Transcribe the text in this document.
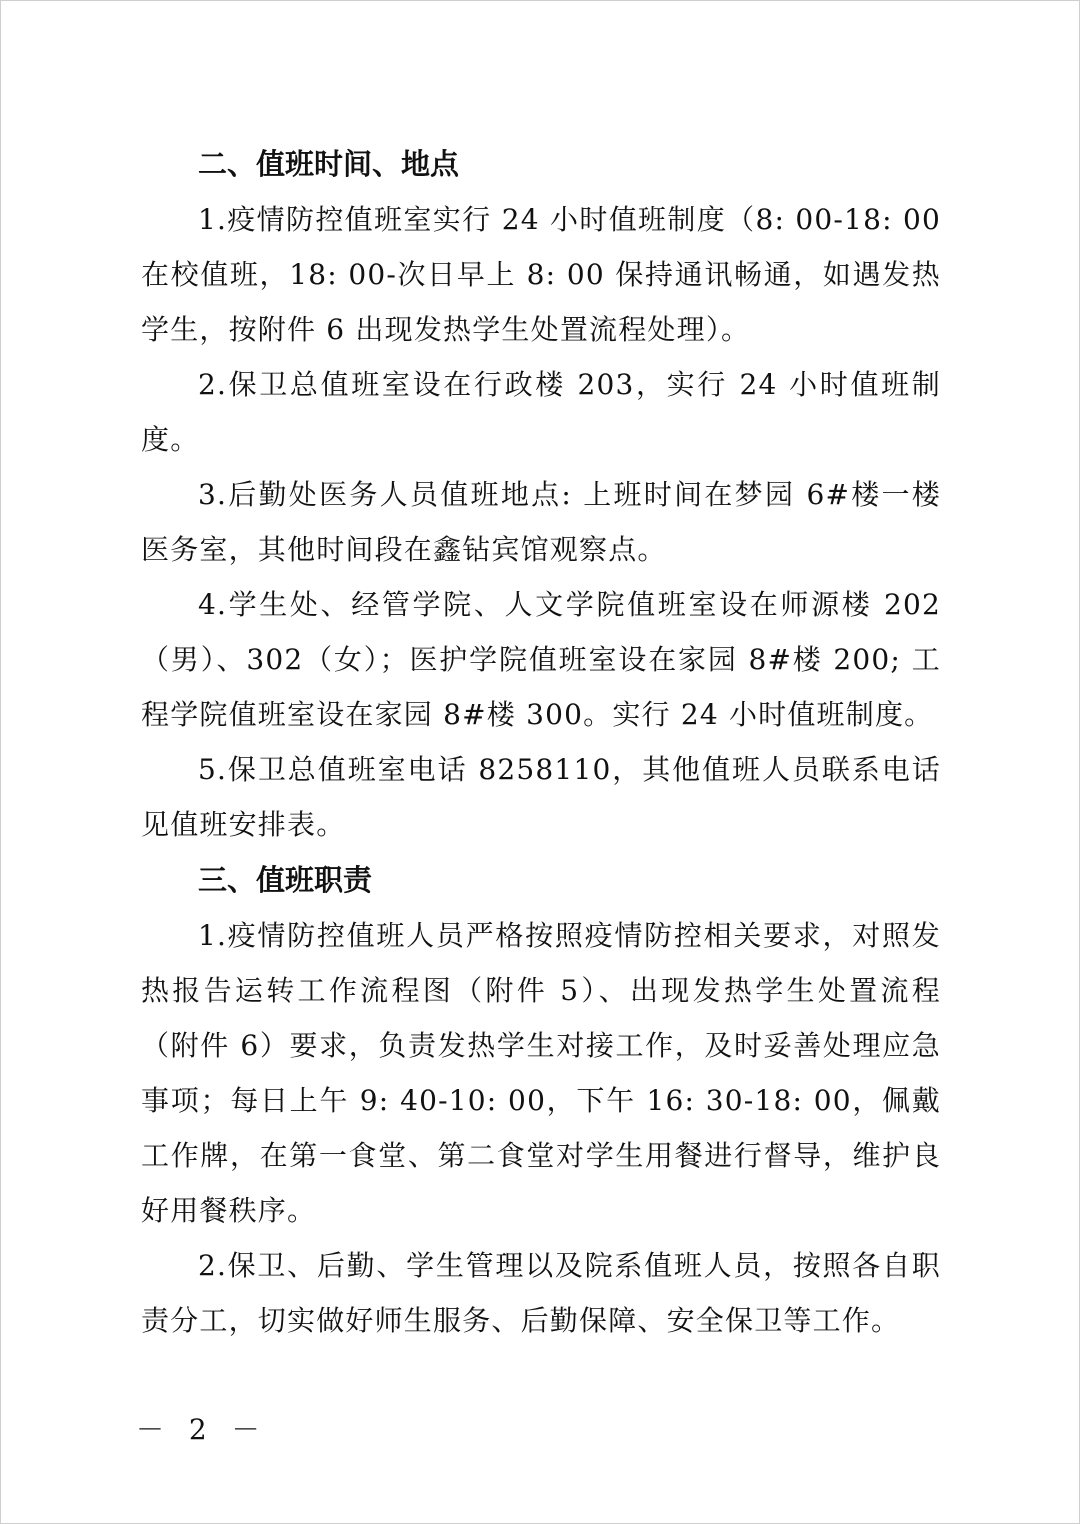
二、值班时间、地点

1.疫情防控值班室实行 24 小时值班制度（8: 00-18: 00 在校值班，18: 00-次日早上 8: 00 保持通讯畅通，如遇发热学生，按附件 6 出现发热学生处置流程处理）。

2.保卫总值班室设在行政楼 203，实行 24 小时值班制度。

3.后勤处医务人员值班地点: 上班时间在梦园 6#楼一楼医务室，其他时间段在鑫钻宾馆观察点。

4.学生处、经管学院、人文学院值班室设在师源楼 202（男）、302（女）；医护学院值班室设在家园 8#楼 200; 工程学院值班室设在家园 8#楼 300。实行 24 小时值班制度。

5.保卫总值班室电话 8258110，其他值班人员联系电话见值班安排表。

三、值班职责

1.疫情防控值班人员严格按照疫情防控相关要求，对照发热报告运转工作流程图（附件 5）、出现发热学生处置流程（附件 6）要求，负责发热学生对接工作，及时妥善处理应急事项；每日上午 9: 40-10: 00，下午 16: 30-18: 00，佩戴工作牌，在第一食堂、第二食堂对学生用餐进行督导，维护良好用餐秩序。

2.保卫、后勤、学生管理以及院系值班人员，按照各自职责分工，切实做好师生服务、后勤保障、安全保卫等工作。

－ 2 －
